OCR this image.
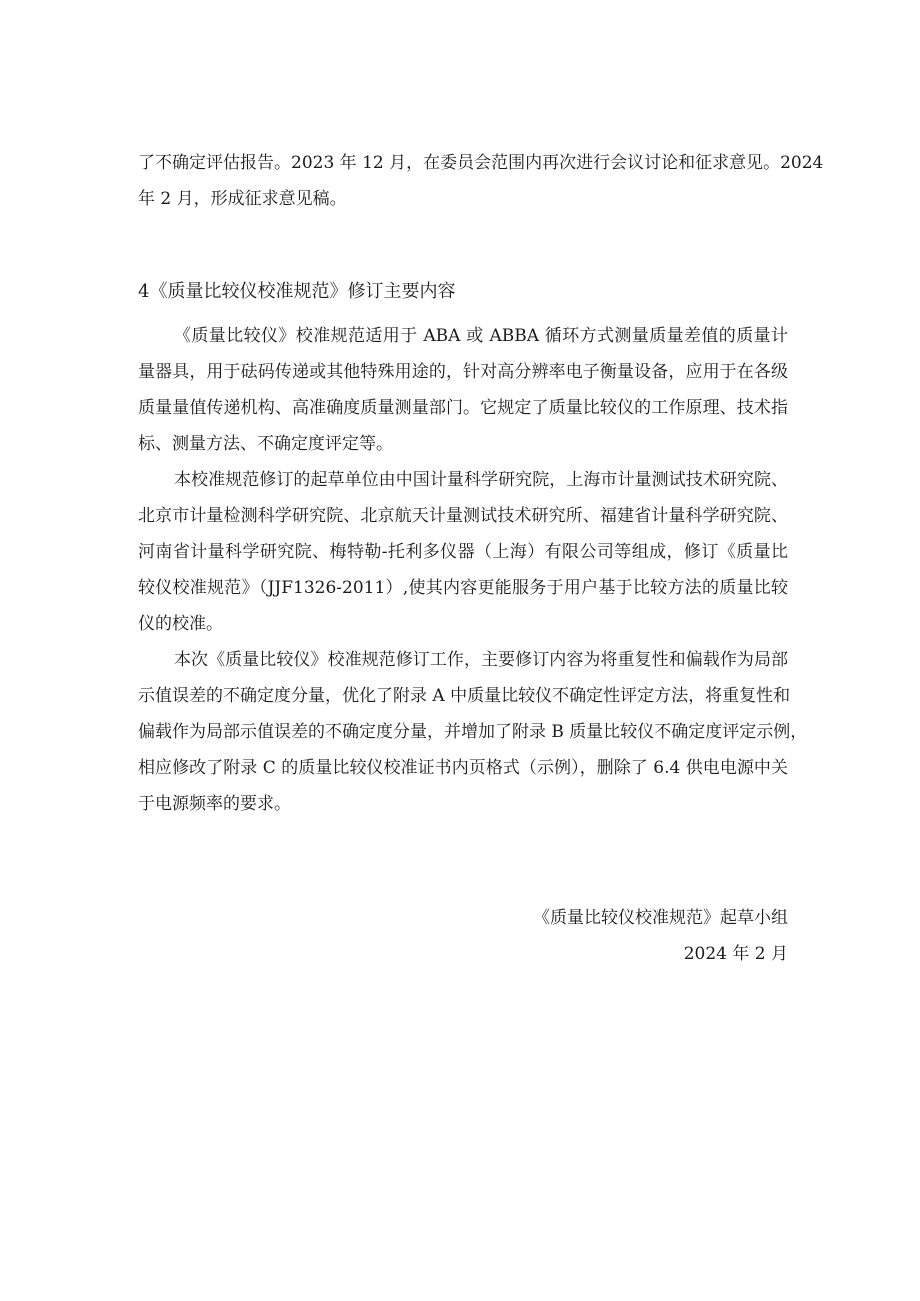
了不确定评估报告。2023 年 12 月，在委员会范围内再次进行会议讨论和征求意见。2024
年 2 月，形成征求意见稿。
4《质量比较仪校准规范》修订主要内容
《质量比较仪》校准规范适用于 ABA 或 ABBA 循环方式测量质量差值的质量计
量器具，用于砝码传递或其他特殊用途的，针对高分辨率电子衡量设备，应用于在各级
质量量值传递机构、高准确度质量测量部门。它规定了质量比较仪的工作原理、技术指
标、测量方法、不确定度评定等。
本校准规范修订的起草单位由中国计量科学研究院，上海市计量测试技术研究院、
北京市计量检测科学研究院、北京航天计量测试技术研究所、福建省计量科学研究院、
河南省计量科学研究院、梅特勒-托利多仪器（上海）有限公司等组成，修订《质量比
较仪校准规范》（JJF1326-2011）,使其内容更能服务于用户基于比较方法的质量比较
仪的校准。
本次《质量比较仪》校准规范修订工作，主要修订内容为将重复性和偏载作为局部
示值误差的不确定度分量，优化了附录 A 中质量比较仪不确定性评定方法，将重复性和
偏载作为局部示值误差的不确定度分量，并增加了附录 B 质量比较仪不确定度评定示例，
相应修改了附录 C 的质量比较仪校准证书内页格式（示例），删除了 6.4 供电电源中关
于电源频率的要求。
《质量比较仪校准规范》起草小组
2024 年 2 月
